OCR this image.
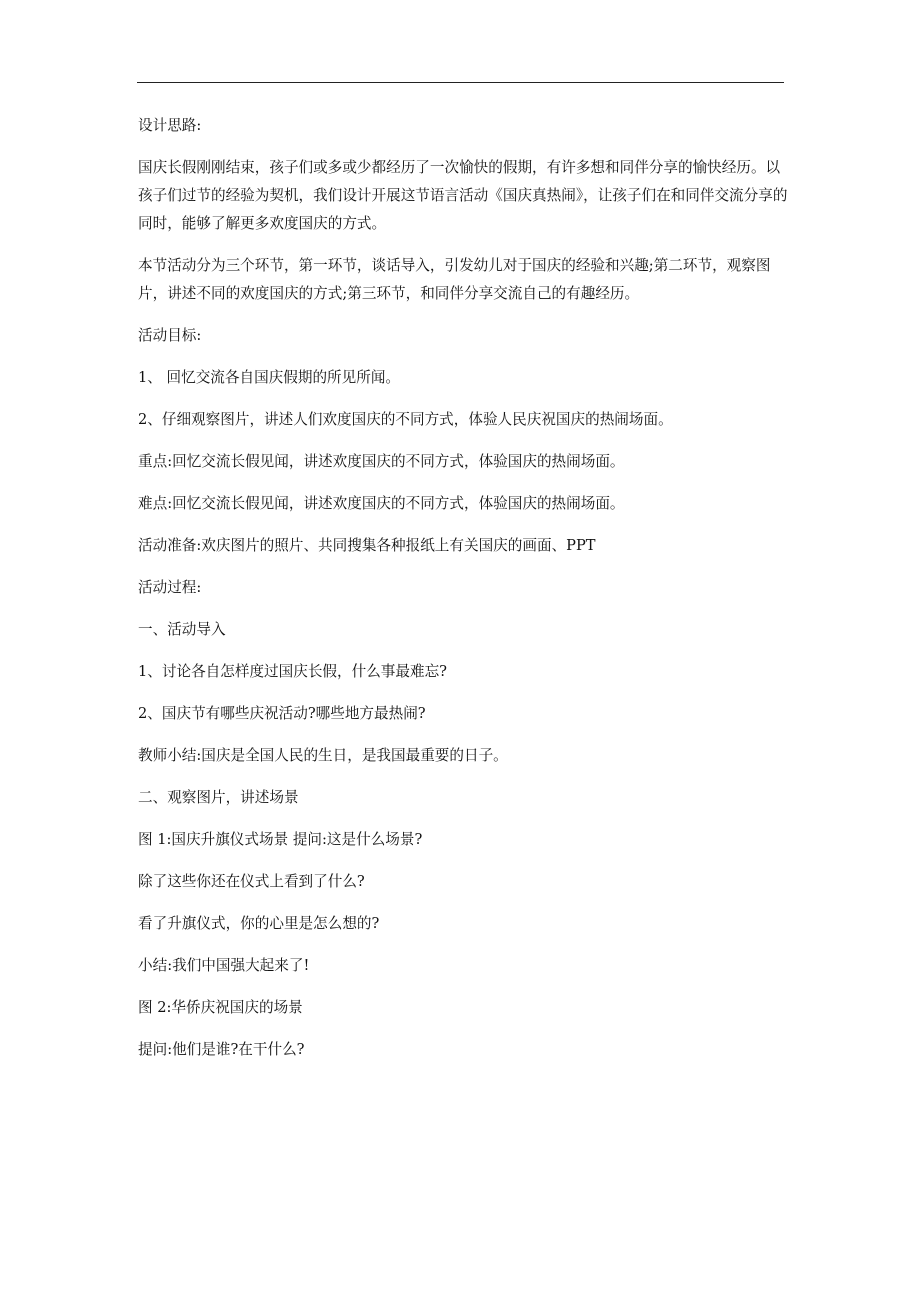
设计思路:

国庆长假刚刚结束，孩子们或多或少都经历了一次愉快的假期，有许多想和同伴分享的愉快经历。以孩子们过节的经验为契机，我们设计开展这节语言活动《国庆真热闹》，让孩子们在和同伴交流分享的同时，能够了解更多欢度国庆的方式。

本节活动分为三个环节，第一环节，谈话导入，引发幼儿对于国庆的经验和兴趣;第二环节，观察图片，讲述不同的欢度国庆的方式;第三环节，和同伴分享交流自己的有趣经历。

活动目标:

1、 回忆交流各自国庆假期的所见所闻。

2、仔细观察图片，讲述人们欢度国庆的不同方式，体验人民庆祝国庆的热闹场面。

重点:回忆交流长假见闻，讲述欢度国庆的不同方式，体验国庆的热闹场面。

难点:回忆交流长假见闻，讲述欢度国庆的不同方式，体验国庆的热闹场面。

活动准备:欢庆图片的照片、共同搜集各种报纸上有关国庆的画面、PPT

活动过程:

一、活动导入

1、讨论各自怎样度过国庆长假，什么事最难忘?

2、国庆节有哪些庆祝活动?哪些地方最热闹?

教师小结:国庆是全国人民的生日，是我国最重要的日子。

二、观察图片，讲述场景

图 1:国庆升旗仪式场景 提问:这是什么场景?

除了这些你还在仪式上看到了什么?

看了升旗仪式，你的心里是怎么想的?

小结:我们中国强大起来了!

图 2:华侨庆祝国庆的场景

提问:他们是谁?在干什么?
